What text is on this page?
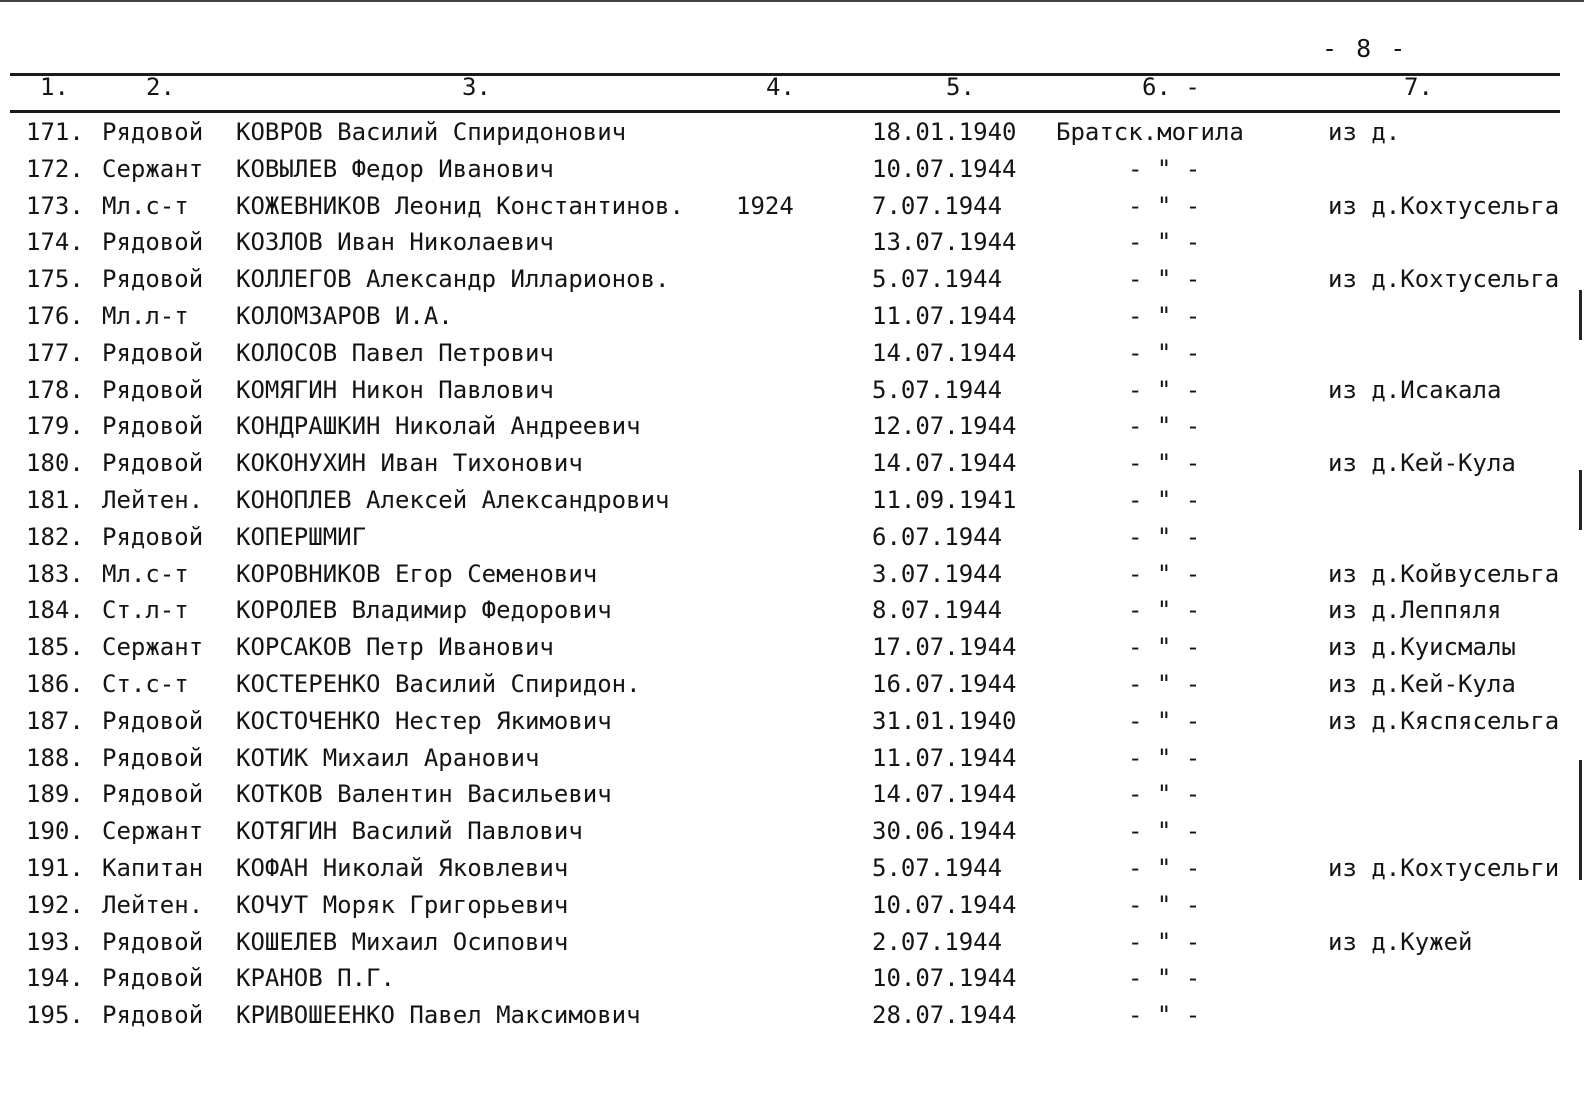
- 8 -
1.	2.	3.	4.	5.	6. -	7.
171. Рядовой КОВРОВ Василий Спиридонович	18.01.1940 Братск.могила	из д.
172. Сержант КОВЫЛЕВ Федор Иванович	10.07.1944	- " -
173. Мл.с-т КОЖЕВНИКОВ Леонид Константинов. 1924	7.07.1944	- " -	из д.Кохтусельга
174. Рядовой КОЗЛОВ Иван Николаевич	13.07.1944	- " -
175. Рядовой КОЛЛЕГОВ Александр Илларионов.	5.07.1944	- " -	из д.Кохтусельга
176. Мл.л-т КОЛОМЗАРОВ И.А.	11.07.1944	- " -
177. Рядовой КОЛОСОВ Павел Петрович	14.07.1944	- " -
178. Рядовой КОМЯГИН Никон Павлович	5.07.1944	- " -	из д.Исакала
179. Рядовой КОНДРАШКИН Николай Андреевич	12.07.1944	- " -
180. Рядовой КОКОНУХИН Иван Тихонович	14.07.1944	- " -	из д.Кей-Кула
181. Лейтен. КОНОПЛЕВ Алексей Александрович	11.09.1941	- " -
182. Рядовой КОПЕРШМИГ	6.07.1944	- " -
183. Мл.с-т КОРОВНИКОВ Егор Семенович	3.07.1944	- " -	из д.Койвусельга
184. Ст.л-т КОРОЛЕВ Владимир Федорович	8.07.1944	- " -	из д.Леппяля
185. Сержант КОРСАКОВ Петр Иванович	17.07.1944	- " -	из д.Куисмалы
186. Ст.с-т КОСТЕРЕНКО Василий Спиридон.	16.07.1944	- " -	из д.Кей-Кула
187. Рядовой КОСТОЧЕНКО Нестер Якимович	31.01.1940	- " -	из д.Кяспясельга
188. Рядовой КОТИК Михаил Аранович	11.07.1944	- " -
189. Рядовой КОТКОВ Валентин Васильевич	14.07.1944	- " -
190. Сержант КОТЯГИН Василий Павлович	30.06.1944	- " -
191. Капитан КОФАН Николай Яковлевич	5.07.1944	- " -	из д.Кохтусельги
192. Лейтен. КОЧУТ Моряк Григорьевич	10.07.1944	- " -
193. Рядовой КОШЕЛЕВ Михаил Осипович	2.07.1944	- " -	из д.Кужей
194. Рядовой КРАНОВ П.Г.	10.07.1944	- " -
195. Рядовой КРИВОШЕЕНКО Павел Максимович	28.07.1944	- " -
